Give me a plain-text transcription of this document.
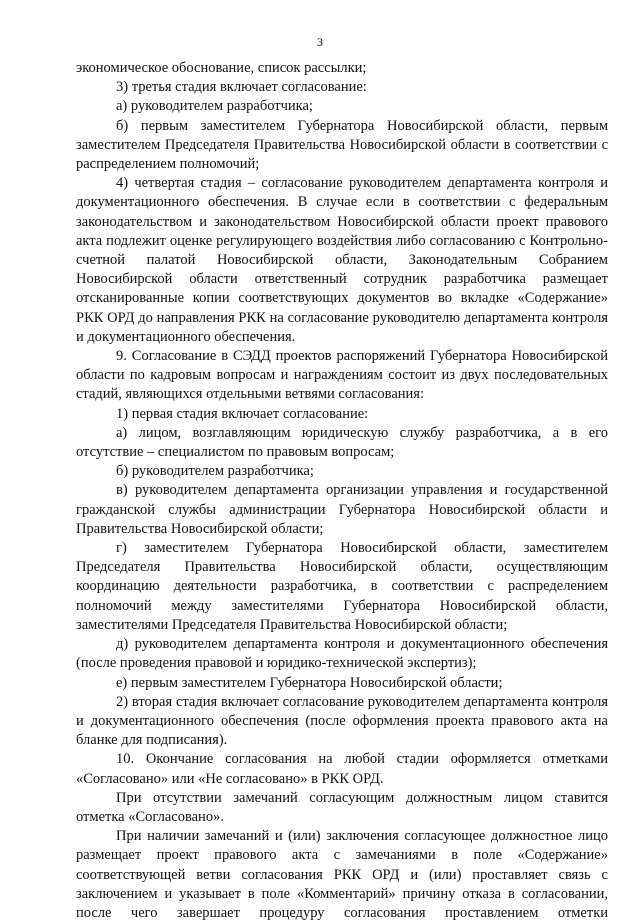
3

экономическое обоснование, список рассылки;

3) третья стадия включает согласование:

а) руководителем разработчика;

б) первым заместителем Губернатора Новосибирской области, первым заместителем Председателя Правительства Новосибирской области в соответствии с распределением полномочий;

4) четвертая стадия – согласование руководителем департамента контроля и документационного обеспечения. В случае если в соответствии с федеральным законодательством и законодательством Новосибирской области проект правового акта подлежит оценке регулирующего воздействия либо согласованию с Контрольно-счетной палатой Новосибирской области, Законодательным Собранием Новосибирской области ответственный сотрудник разработчика размещает отсканированные копии соответствующих документов во вкладке «Содержание» РКК ОРД до направления РКК на согласование руководителю департамента контроля и документационного обеспечения.

9. Согласование в СЭДД проектов распоряжений Губернатора Новосибирской области по кадровым вопросам и награждениям состоит из двух последовательных стадий, являющихся отдельными ветвями согласования:

1) первая стадия включает согласование:

а) лицом, возглавляющим юридическую службу разработчика, а в его отсутствие – специалистом по правовым вопросам;

б) руководителем разработчика;

в) руководителем департамента организации управления и государственной гражданской службы администрации Губернатора Новосибирской области и Правительства Новосибирской области;

г) заместителем Губернатора Новосибирской области, заместителем Председателя Правительства Новосибирской области, осуществляющим координацию деятельности разработчика, в соответствии с распределением полномочий между заместителями Губернатора Новосибирской области, заместителями Председателя Правительства Новосибирской области;

д) руководителем департамента контроля и документационного обеспечения (после проведения правовой и юридико-технической экспертиз);

е) первым заместителем Губернатора Новосибирской области;

2) вторая стадия включает согласование руководителем департамента контроля и документационного обеспечения (после оформления проекта правового акта на бланке для подписания).

10. Окончание согласования на любой стадии оформляется отметками «Согласовано» или «Не согласовано» в РКК ОРД.

При отсутствии замечаний согласующим должностным лицом ставится отметка «Согласовано».

При наличии замечаний и (или) заключения согласующее должностное лицо размещает проект правового акта с замечаниями в поле «Содержание» соответствующей ветви согласования РКК ОРД и (или) проставляет связь с заключением и указывает в поле «Комментарий» причину отказа в согласовании, после чего завершает процедуру согласования проставлением отметки
